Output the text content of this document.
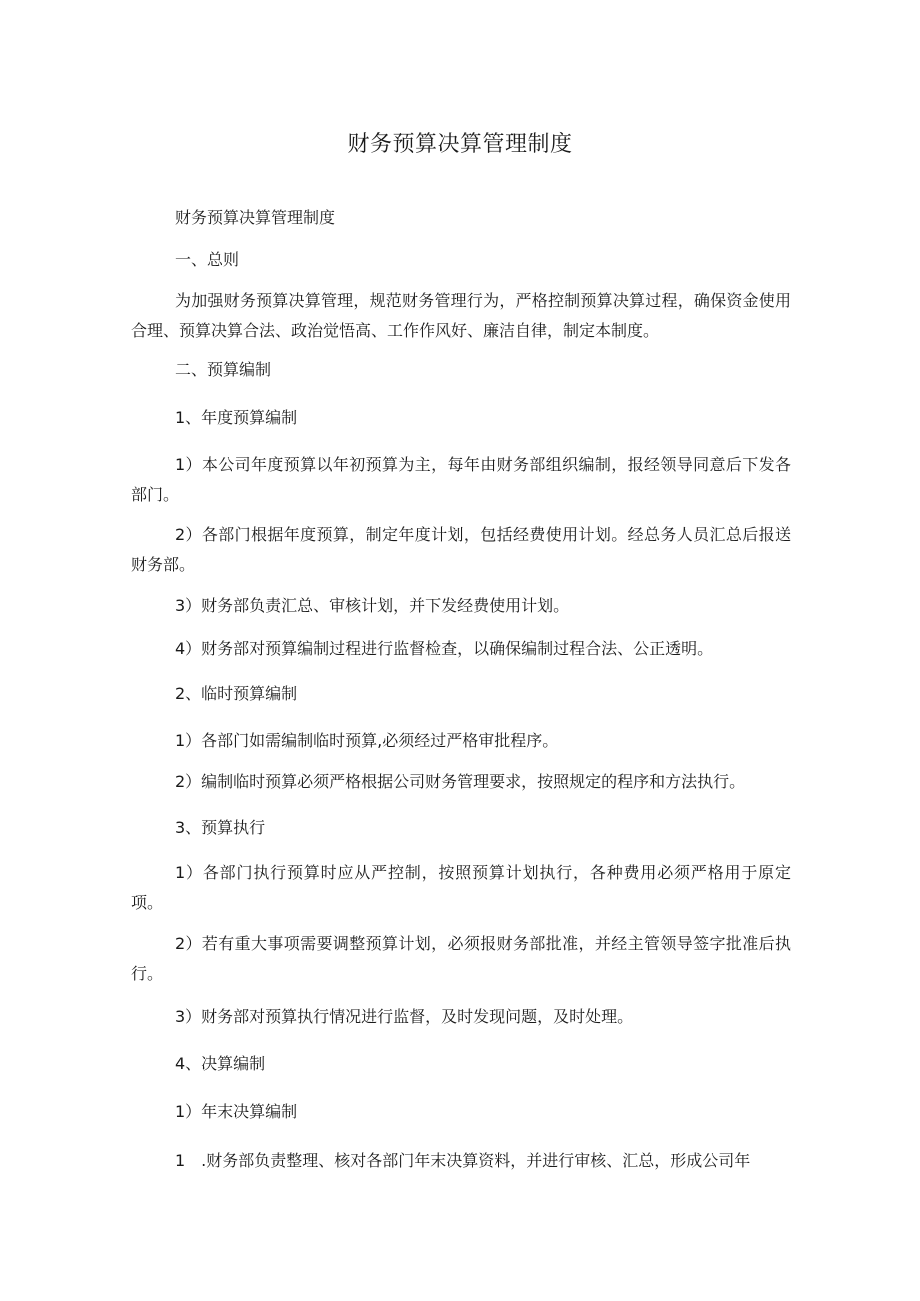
财务预算决算管理制度

财务预算决算管理制度

一、总则

为加强财务预算决算管理，规范财务管理行为，严格控制预算决算过程，确保资金使用合理、预算决算合法、政治觉悟高、工作作风好、廉洁自律，制定本制度。

二、预算编制

1、年度预算编制

1）本公司年度预算以年初预算为主，每年由财务部组织编制，报经领导同意后下发各部门。

2）各部门根据年度预算，制定年度计划，包括经费使用计划。经总务人员汇总后报送财务部。

3）财务部负责汇总、审核计划，并下发经费使用计划。

4）财务部对预算编制过程进行监督检查，以确保编制过程合法、公正透明。

2、临时预算编制

1）各部门如需编制临时预算,必须经过严格审批程序。

2）编制临时预算必须严格根据公司财务管理要求，按照规定的程序和方法执行。

3、预算执行

1）各部门执行预算时应从严控制，按照预算计划执行，各种费用必须严格用于原定项。

2）若有重大事项需要调整预算计划，必须报财务部批准，并经主管领导签字批准后执行。

3）财务部对预算执行情况进行监督，及时发现问题，及时处理。

4、决算编制

1）年末决算编制

1　.财务部负责整理、核对各部门年末决算资料，并进行审核、汇总，形成公司年
